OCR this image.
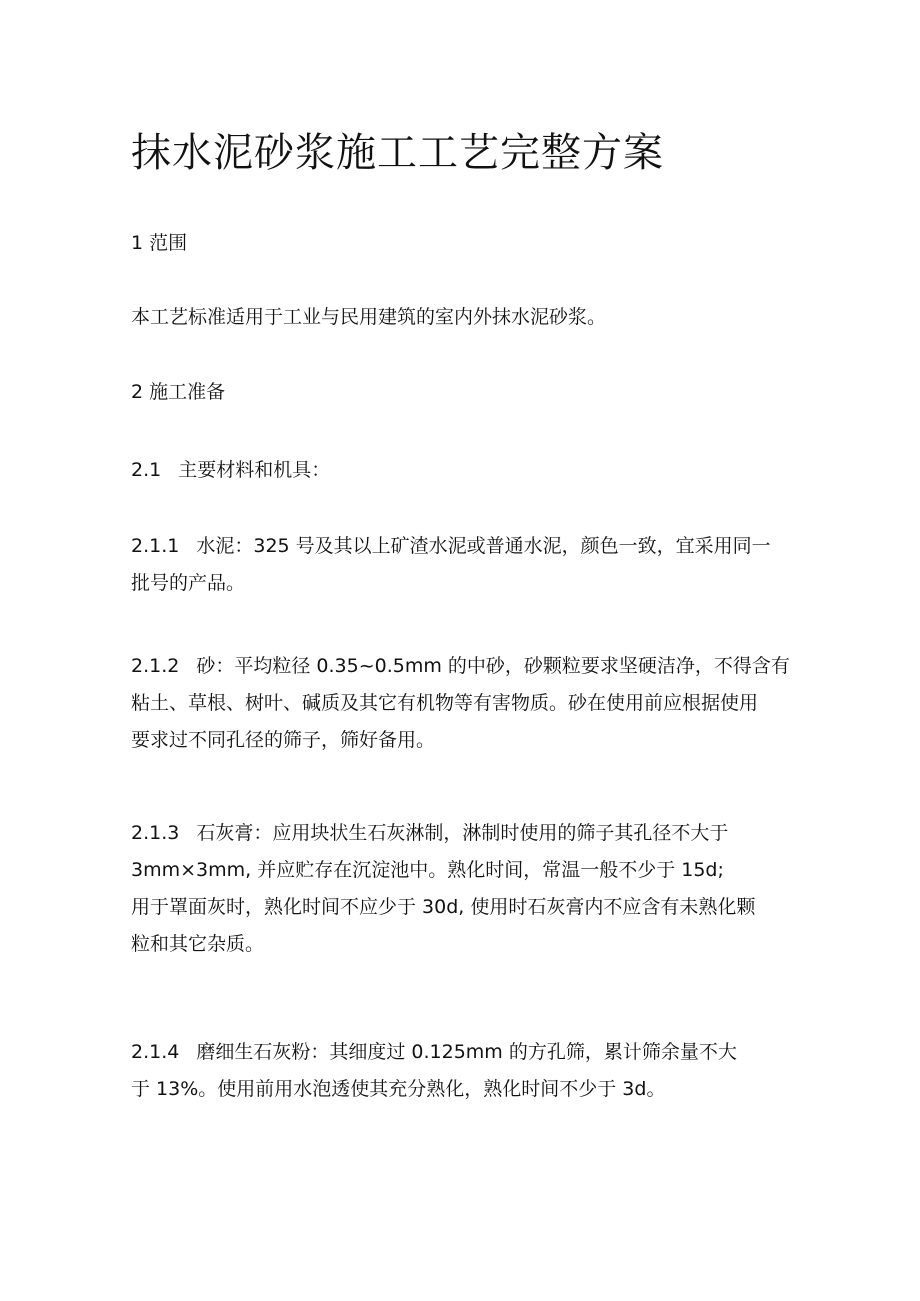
抹水泥砂浆施工工艺完整方案

1 范围

本工艺标准适用于工业与民用建筑的室内外抹水泥砂浆。

2 施工准备

2.1 主要材料和机具：

2.1.1 水泥：325 号及其以上矿渣水泥或普通水泥，颜色一致，宜采用同一
批号的产品。

2.1.2 砂：平均粒径 0.35~0.5mm 的中砂，砂颗粒要求坚硬洁净，不得含有
粘土、草根、树叶、碱质及其它有机物等有害物质。砂在使用前应根据使用
要求过不同孔径的筛子，筛好备用。

2.1.3 石灰膏：应用块状生石灰淋制，淋制时使用的筛子其孔径不大于
3mm×3mm, 并应贮存在沉淀池中。熟化时间，常温一般不少于 15d;
用于罩面灰时，熟化时间不应少于 30d, 使用时石灰膏内不应含有未熟化颗
粒和其它杂质。

2.1.4 磨细生石灰粉：其细度过 0.125mm 的方孔筛，累计筛余量不大
于 13%。使用前用水泡透使其充分熟化，熟化时间不少于 3d。
